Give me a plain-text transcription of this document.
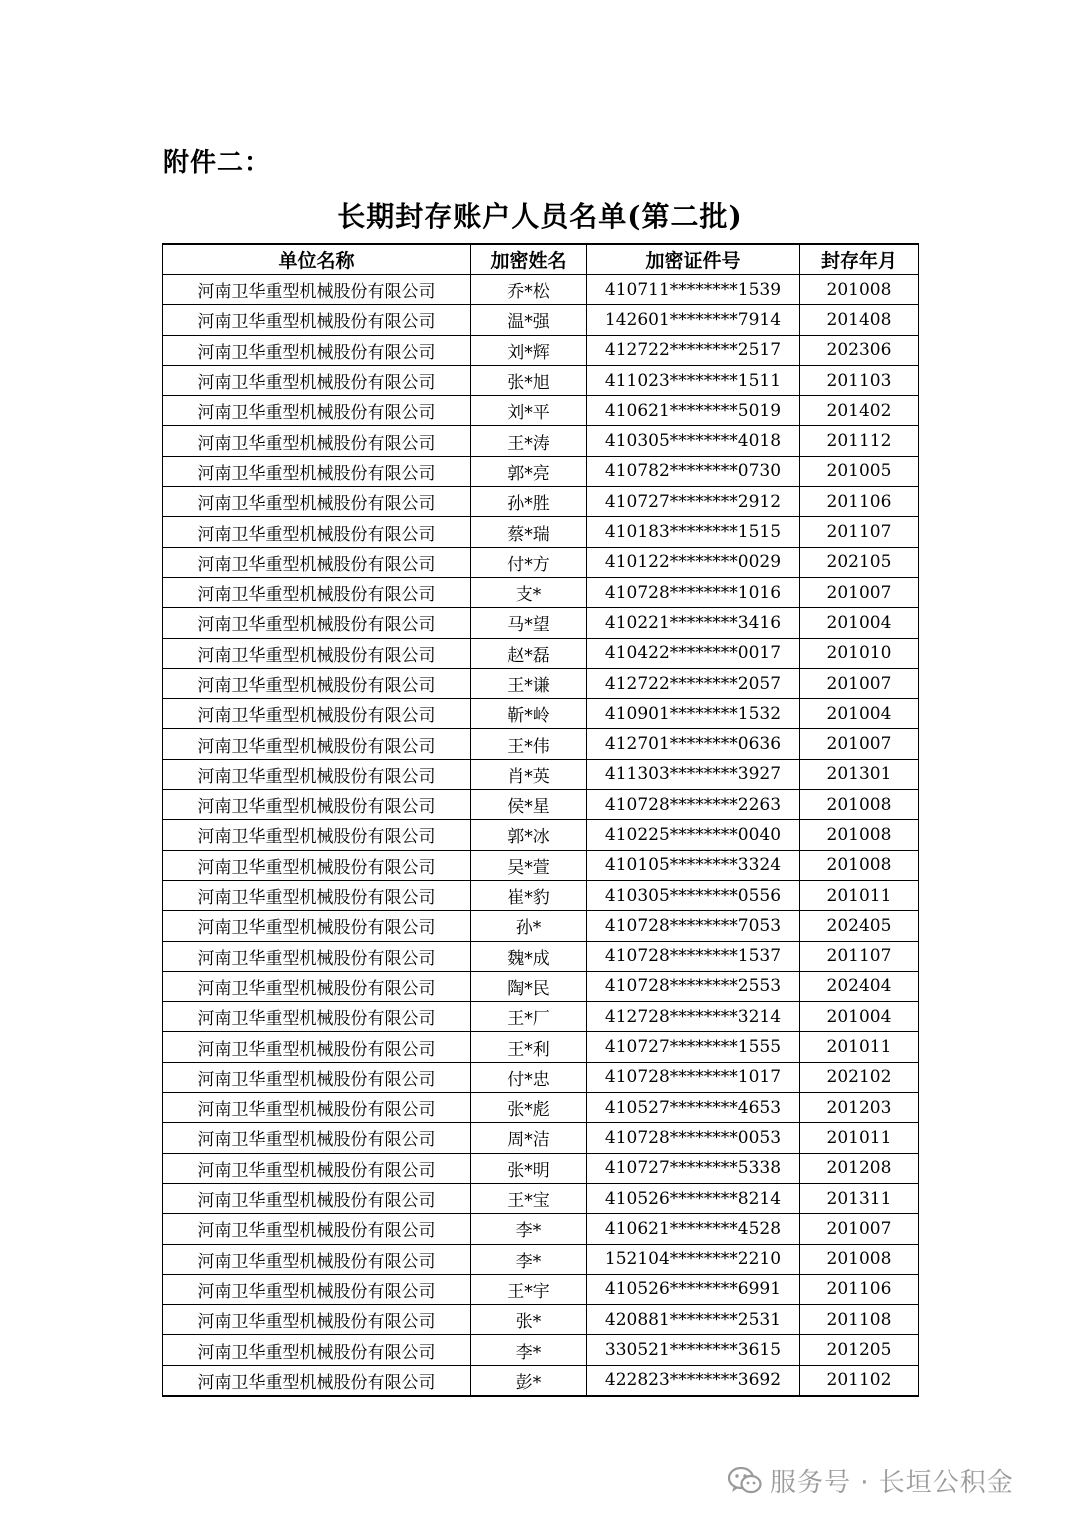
附件二：
长期封存账户人员名单(第二批)
单位名称	加密姓名	加密证件号	封存年月
河南卫华重型机械股份有限公司	乔*松	410711********1539	201008
河南卫华重型机械股份有限公司	温*强	142601********7914	201408
河南卫华重型机械股份有限公司	刘*辉	412722********2517	202306
河南卫华重型机械股份有限公司	张*旭	411023********1511	201103
河南卫华重型机械股份有限公司	刘*平	410621********5019	201402
河南卫华重型机械股份有限公司	王*涛	410305********4018	201112
河南卫华重型机械股份有限公司	郭*亮	410782********0730	201005
河南卫华重型机械股份有限公司	孙*胜	410727********2912	201106
河南卫华重型机械股份有限公司	蔡*瑞	410183********1515	201107
河南卫华重型机械股份有限公司	付*方	410122********0029	202105
河南卫华重型机械股份有限公司	支*	410728********1016	201007
河南卫华重型机械股份有限公司	马*望	410221********3416	201004
河南卫华重型机械股份有限公司	赵*磊	410422********0017	201010
河南卫华重型机械股份有限公司	王*谦	412722********2057	201007
河南卫华重型机械股份有限公司	靳*岭	410901********1532	201004
河南卫华重型机械股份有限公司	王*伟	412701********0636	201007
河南卫华重型机械股份有限公司	肖*英	411303********3927	201301
河南卫华重型机械股份有限公司	侯*星	410728********2263	201008
河南卫华重型机械股份有限公司	郭*冰	410225********0040	201008
河南卫华重型机械股份有限公司	吴*萱	410105********3324	201008
河南卫华重型机械股份有限公司	崔*豹	410305********0556	201011
河南卫华重型机械股份有限公司	孙*	410728********7053	202405
河南卫华重型机械股份有限公司	魏*成	410728********1537	201107
河南卫华重型机械股份有限公司	陶*民	410728********2553	202404
河南卫华重型机械股份有限公司	王*厂	412728********3214	201004
河南卫华重型机械股份有限公司	王*利	410727********1555	201011
河南卫华重型机械股份有限公司	付*忠	410728********1017	202102
河南卫华重型机械股份有限公司	张*彪	410527********4653	201203
河南卫华重型机械股份有限公司	周*洁	410728********0053	201011
河南卫华重型机械股份有限公司	张*明	410727********5338	201208
河南卫华重型机械股份有限公司	王*宝	410526********8214	201311
河南卫华重型机械股份有限公司	李*	410621********4528	201007
河南卫华重型机械股份有限公司	李*	152104********2210	201008
河南卫华重型机械股份有限公司	王*宇	410526********6991	201106
河南卫华重型机械股份有限公司	张*	420881********2531	201108
河南卫华重型机械股份有限公司	李*	330521********3615	201205
河南卫华重型机械股份有限公司	彭*	422823********3692	201102
服务号 · 长垣公积金
